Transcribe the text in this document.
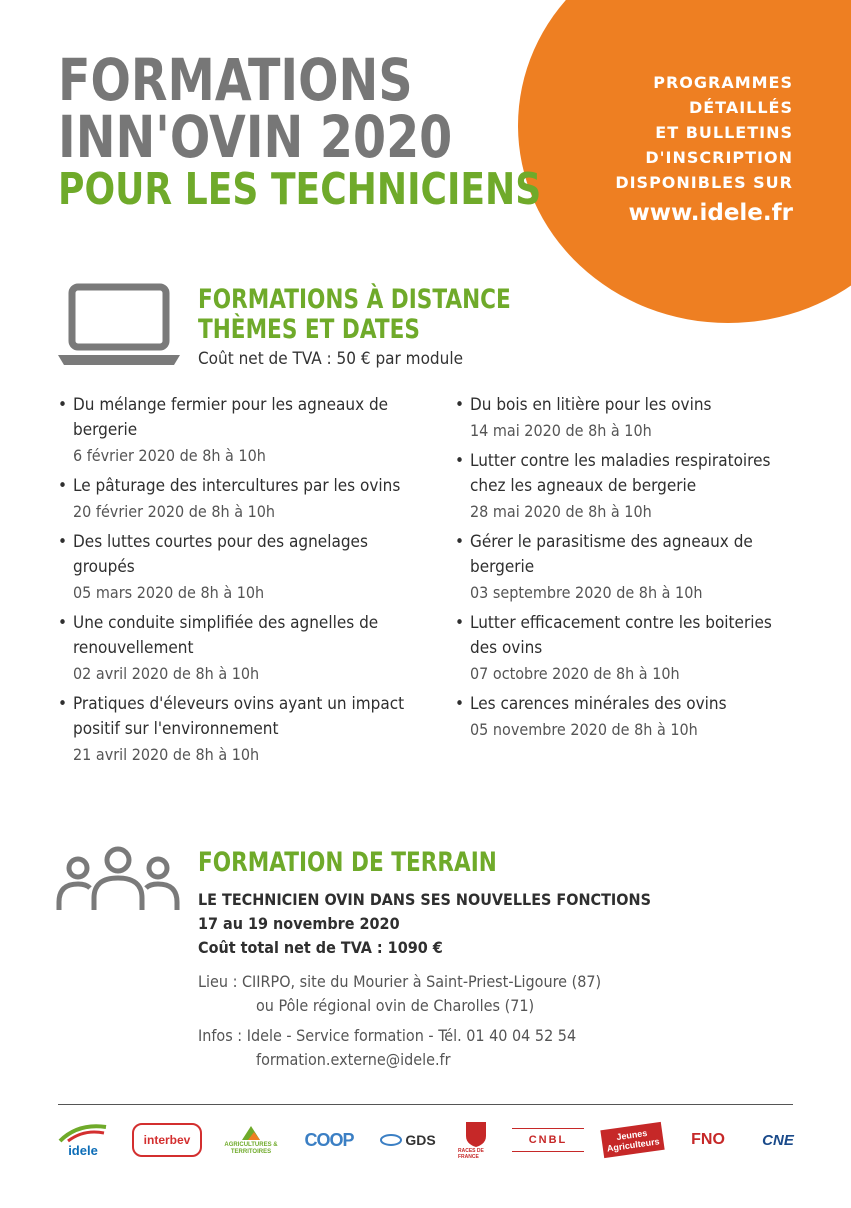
PROGRAMMES
DÉTAILLÉS
ET BULLETINS
D'INSCRIPTION
DISPONIBLES SUR
www.idele.fr
FORMATIONS
INN'OVIN 2020
POUR LES TECHNICIENS
FORMATIONS À DISTANCE
THÈMES ET DATES
Coût net de TVA : 50 € par module
• Du mélange fermier pour les agneaux de bergerie
6 février 2020 de 8h à 10h
• Le pâturage des intercultures par les ovins
20 février 2020 de 8h à 10h
• Des luttes courtes pour des agnelages groupés
05 mars 2020 de 8h à 10h
• Une conduite simplifiée des agnelles de renouvellement
02 avril 2020 de 8h à 10h
• Pratiques d'éleveurs ovins ayant un impact positif sur l'environnement
21 avril 2020 de 8h à 10h
• Du bois en litière pour les ovins
14 mai 2020 de 8h à 10h
• Lutter contre les maladies respiratoires chez les agneaux de bergerie
28 mai 2020 de 8h à 10h
• Gérer le parasitisme des agneaux de bergerie
03 septembre 2020 de 8h à 10h
• Lutter efficacement contre les boiteries des ovins
07 octobre 2020 de 8h à 10h
• Les carences minérales des ovins
05 novembre 2020 de 8h à 10h
FORMATION DE TERRAIN
LE TECHNICIEN OVIN DANS SES NOUVELLES FONCTIONS
17 au 19 novembre 2020
Coût total net de TVA : 1090 €
Lieu : CIIRPO, site du Mourier à Saint-Priest-Ligoure (87)
ou Pôle régional ovin de Charolles (71)
Infos : Idele - Service formation - Tél. 01 40 04 52 54
formation.externe@idele.fr
idele
interbev	AGRICULTURES & TERRITOIRES
COOP	GDS
RACES DE FRANCE
CNBL	Jeunes Agriculteurs FNO CNE
